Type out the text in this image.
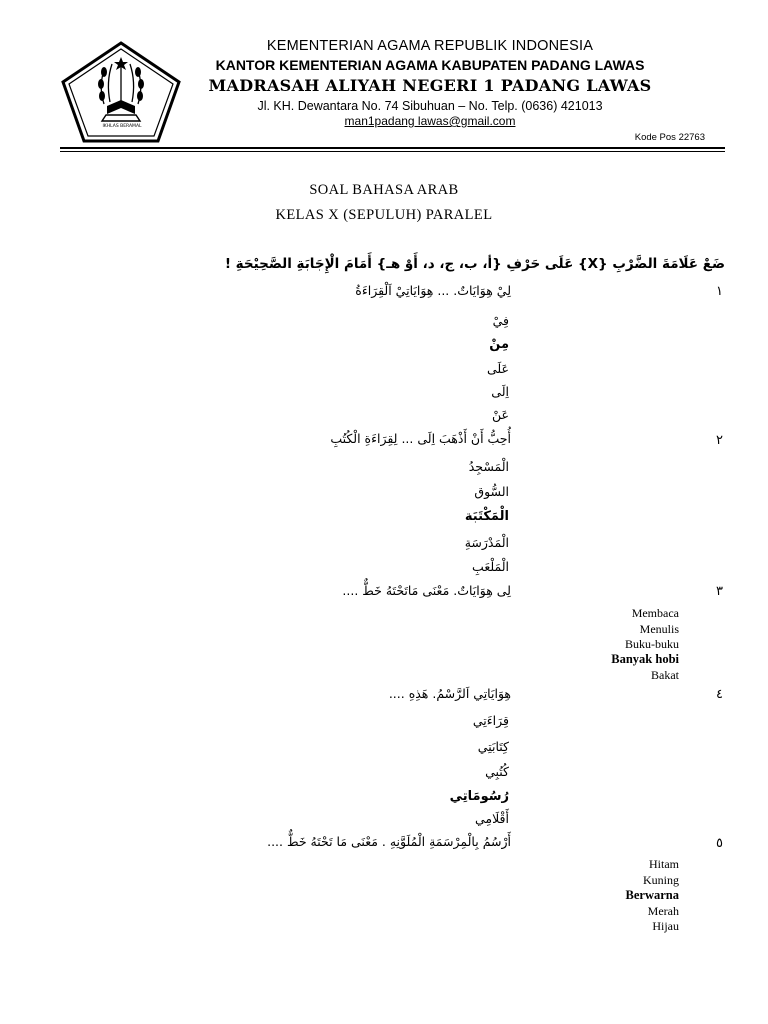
IKHLAS BERAMAL
KEMENTERIAN AGAMA REPUBLIK INDONESIA
KANTOR KEMENTERIAN AGAMA KABUPATEN PADANG LAWAS
MADRASAH ALIYAH NEGERI 1 PADANG LAWAS
Jl. KH. Dewantara No. 74 Sibuhuan – No. Telp. (0636) 421013
man1padang lawas@gmail.com
Kode Pos 22763
SOAL BAHASA ARAB
KELAS X (SEPULUH) PARALEL
ضَعْ عَلَامَةَ الضَّرْبِ {X} عَلَى حَرْفِ {أ، ب، ج، د، أَوْ هـ} أَمَامَ الْإِجَابَةِ الصَّحِيْحَةِ !
١
لِيْ هِوَايَاتٌ. ... هِوَايَاتِيْ اَلْقِرَاءَةُ
فِيْ
مِنْ
عَلَى
اِلَى
عَنْ
٢
أُحِبُّ أَنْ أَذْهَبَ اِلَى ... لِقِرَاءَةِ الْكُتُبِ
الْمَسْجِدُ
السُّوق
الْمَكْتَبَة
الْمَدْرَسَةِ
الْمَلْعَبِ
٣
لِى هِوَايَاتٌ. مَعْنَى مَاتَحْتَهُ خَطٌّ ....
Membaca
Menulis
Buku-buku
Banyak hobi
Bakat
٤
هِوَايَاتِي اَلرَّسْمُ. هَذِهِ ....
قِرَاءَتِي
كِتَابَتِي
كُتُبِي
رُسُومَاتِي
أَقْلَامِي
٥
أَرْسُمُ بِالْمِرْسَمَةِ الْمُلَوَّنِهِ . مَعْنَى مَا تَحْتَهُ خَطٌّ ....
Hitam
Kuning
Berwarna
Merah
Hijau
